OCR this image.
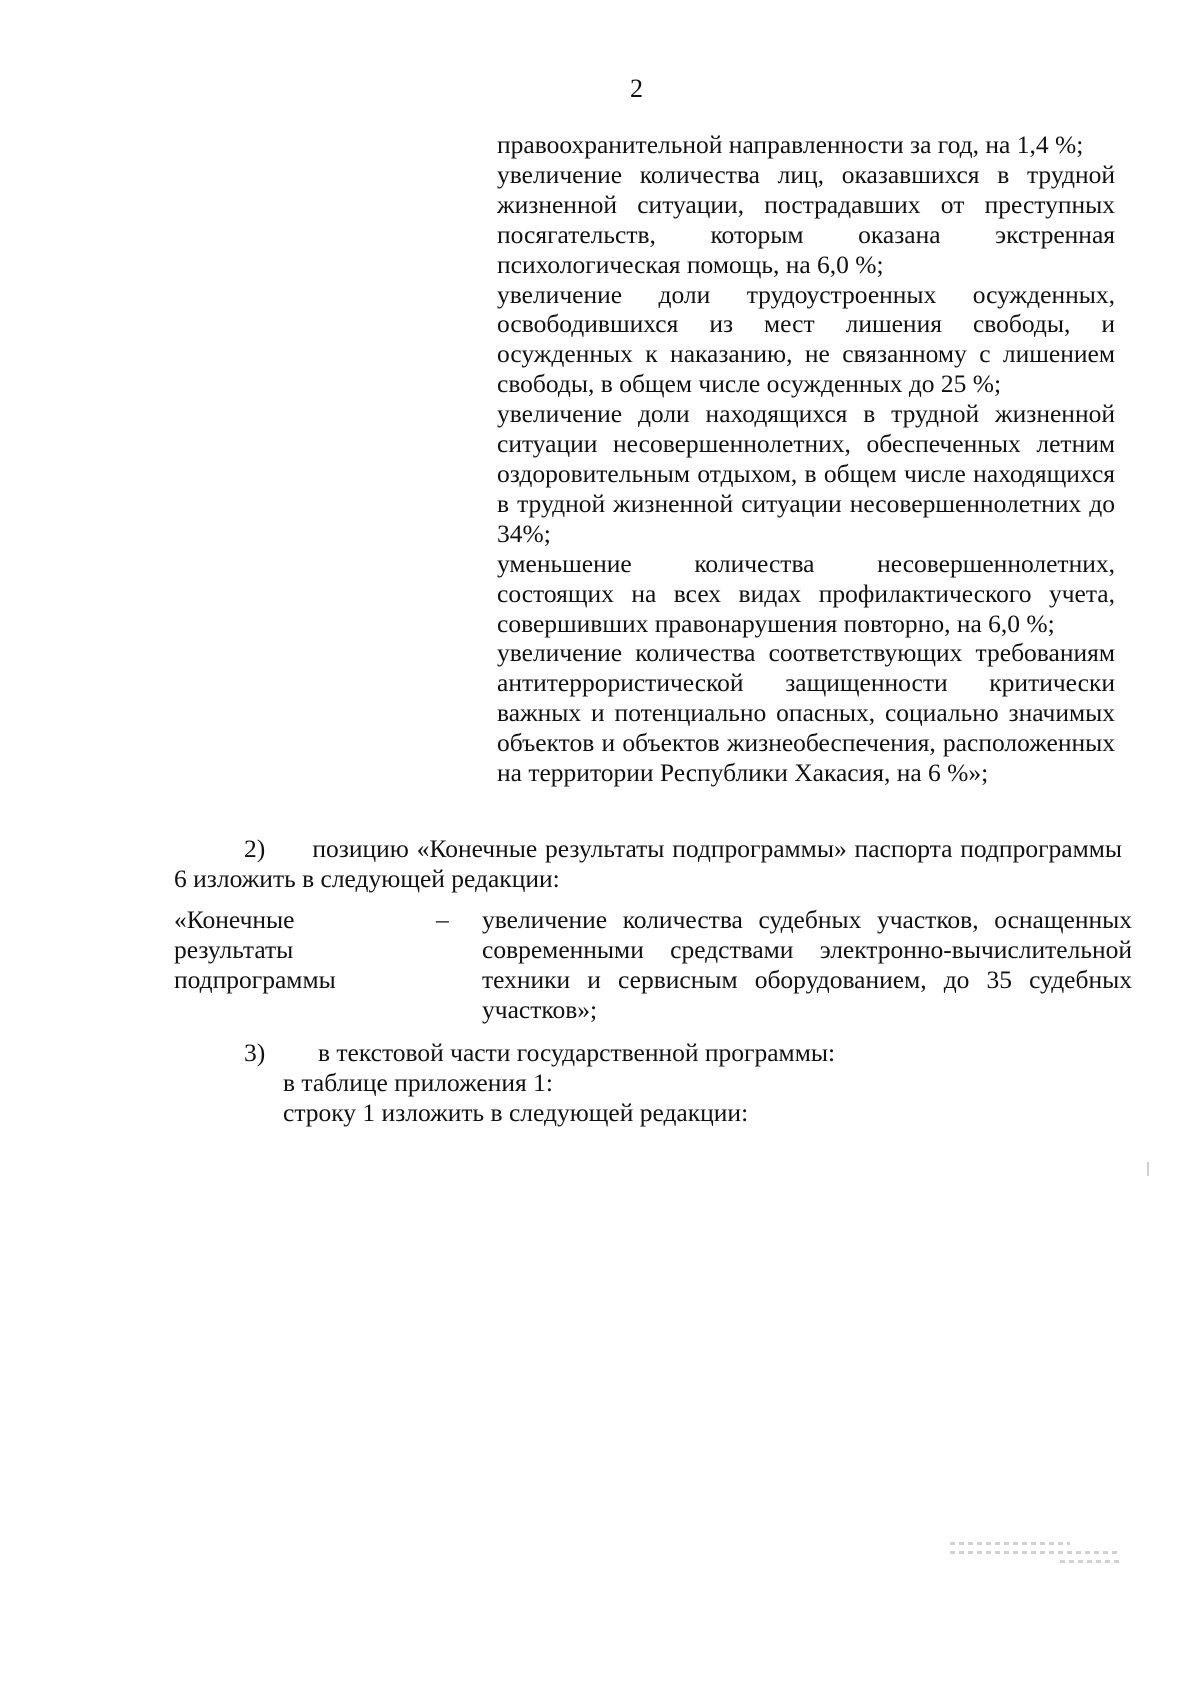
2

правоохранительной направленности за год, на 1,4 %;

увеличение количества лиц, оказавшихся в трудной жизненной ситуации, пострадавших от преступных посягательств, которым оказана экстренная психологическая помощь, на 6,0 %;

увеличение доли трудоустроенных осужденных, освободившихся из мест лишения свободы, и осужденных к наказанию, не связанному с лишением свободы, в общем числе осужденных до 25 %;

увеличение доли находящихся в трудной жизненной ситуации несовершеннолетних, обеспеченных летним оздоровительным отдыхом, в общем числе находящихся в трудной жизненной ситуации несовершеннолетних до 34%;

уменьшение количества несовершеннолетних, состоящих на всех видах профилактического учета, совершивших правонарушения повторно, на 6,0 %;

увеличение количества соответствующих требованиям антитеррористической защищенности критически важных и потенциально опасных, социально значимых объектов и объектов жизнеобеспечения, расположенных на территории Республики Хакасия, на 6 %»;

2)      позицию «Конечные результаты подпрограммы» паспорта подпрограммы 6 изложить в следующей редакции:

«Конечные
результаты
подпрограммы
– увеличение количества судебных участков, оснащенных современными средствами электронно-вычислительной техники и сервисным оборудованием, до 35 судебных участков»;
3)	в текстовой части государственной программы:
в таблице приложения 1:
строку 1 изложить в следующей редакции:
